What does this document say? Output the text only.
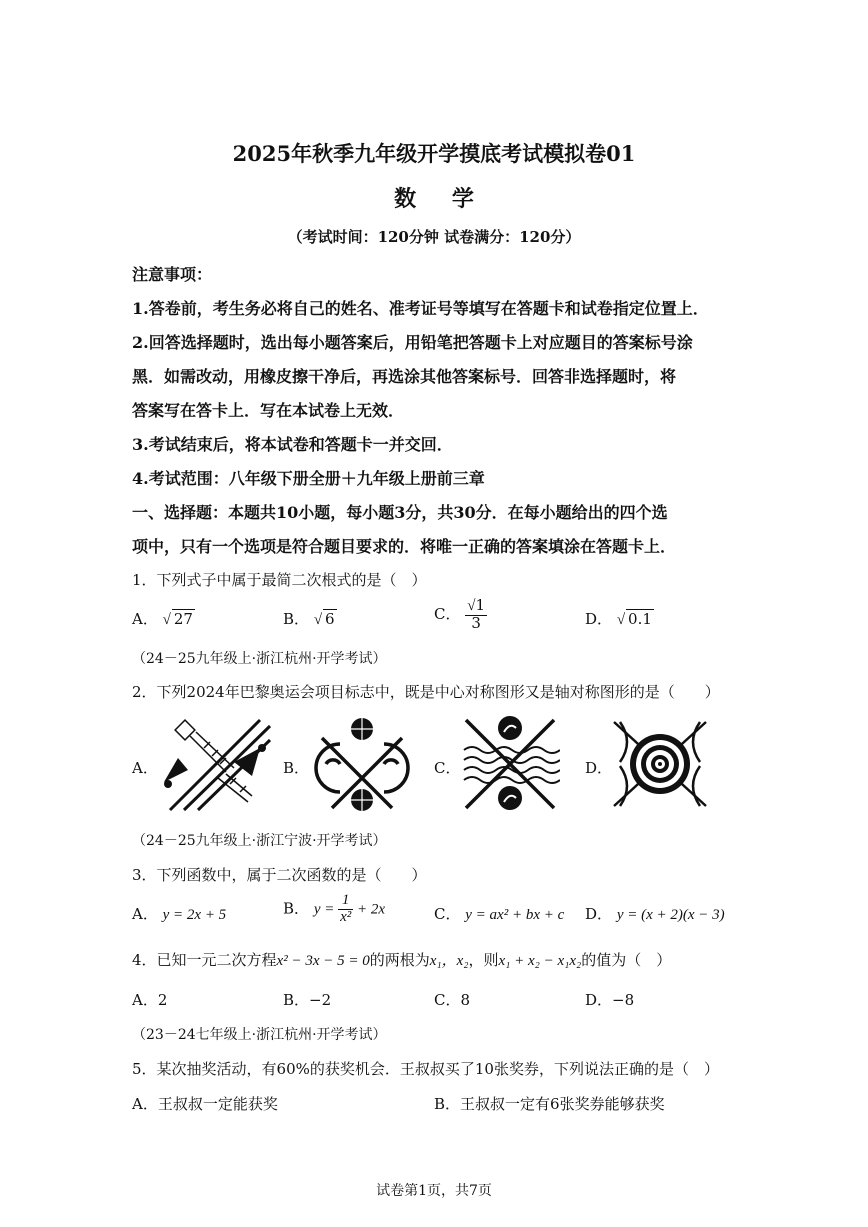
2025年秋季九年级开学摸底考试模拟卷01
数 学
（考试时间：120分钟 试卷满分：120分）
注意事项：
1.答卷前，考生务必将自己的姓名、准考证号等填写在答题卡和试卷指定位置上．
2.回答选择题时，选出每小题答案后，用铅笔把答题卡上对应题目的答案标号涂
黑．如需改动，用橡皮擦干净后，再选涂其他答案标号．回答非选择题时，将
答案写在答卡上．写在本试卷上无效．
3.考试结束后，将本试卷和答题卡一并交回．
4.考试范围：八年级下册全册＋九年级上册前三章
一、选择题：本题共10小题，每小题3分，共30分．在每小题给出的四个选
项中，只有一个选项是符合题目要求的．将唯一正确的答案填涂在答题卡上．
1．下列式子中属于最简二次根式的是（　）
A． √ 27	B． √ 6	C． $\frac{√1}{3}$	D． √ 0.1
（24－25九年级上·浙江杭州·开学考试）
2．下列2024年巴黎奥运会项目标志中，既是中心对称图形又是轴对称图形的是（　　）
A．	B．	C．	D．
（24－25九年级上·浙江宁波·开学考试）
3．下列函数中，属于二次函数的是（　　）
A． y = 2x + 5	B． $y = \frac{1}{\text{x²}} + 2x$	C． y = ax² + bx + c D． y = (x + 2)(x − 3)
4．已知一元二次方程x² − 3x − 5 = 0的两根为x₁，x₂，则x₁ + x₂ − x₁x₂的值为（　）
A．2	B．−2	C．8	D．−8
（23－24七年级上·浙江杭州·开学考试）
5．某次抽奖活动，有60%的获奖机会．王叔叔买了10张奖券，下列说法正确的是（　）
A．王叔叔一定能获奖	B．王叔叔一定有6张奖券能够获奖
试卷第1页，共7页
